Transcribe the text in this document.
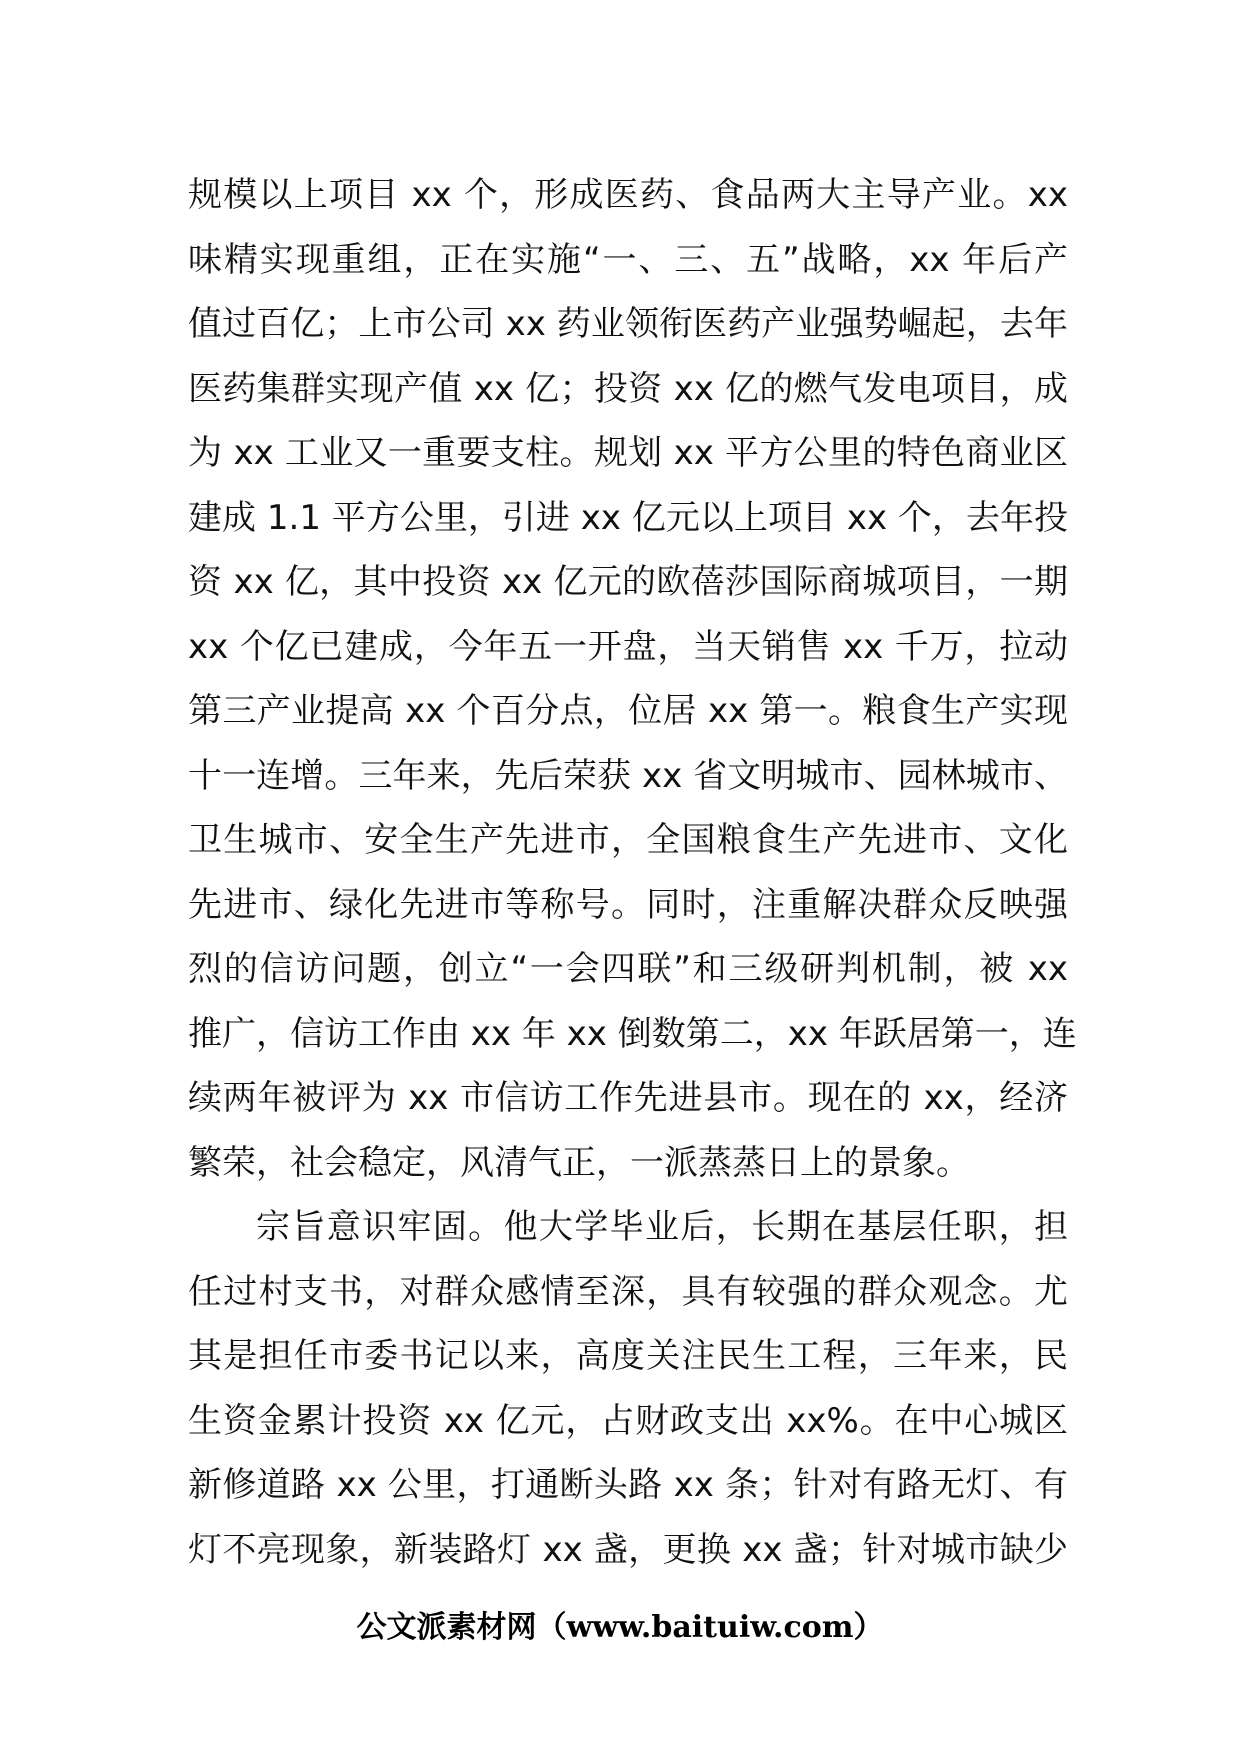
规模以上项目 xx 个，形成医药、食品两大主导产业。xx
味精实现重组，正在实施“一、三、五”战略，xx 年后产
值过百亿；上市公司 xx 药业领衔医药产业强势崛起，去年
医药集群实现产值 xx 亿；投资 xx 亿的燃气发电项目，成
为 xx 工业又一重要支柱。规划 xx 平方公里的特色商业区
建成 1.1 平方公里，引进 xx 亿元以上项目 xx 个，去年投
资 xx 亿，其中投资 xx 亿元的欧蓓莎国际商城项目，一期
xx 个亿已建成，今年五一开盘，当天销售 xx 千万，拉动
第三产业提高 xx 个百分点，位居 xx 第一。粮食生产实现
十一连增。三年来，先后荣获 xx 省文明城市、园林城市、
卫生城市、安全生产先进市，全国粮食生产先进市、文化
先进市、绿化先进市等称号。同时，注重解决群众反映强
烈的信访问题，创立“一会四联”和三级研判机制，被 xx
推广，信访工作由 xx 年 xx 倒数第二，xx 年跃居第一，连
续两年被评为 xx 市信访工作先进县市。现在的 xx，经济
繁荣，社会稳定，风清气正，一派蒸蒸日上的景象。
宗旨意识牢固。他大学毕业后，长期在基层任职，担
任过村支书，对群众感情至深，具有较强的群众观念。尤
其是担任市委书记以来，高度关注民生工程，三年来，民
生资金累计投资 xx 亿元，占财政支出 xx%。在中心城区
新修道路 xx 公里，打通断头路 xx 条；针对有路无灯、有
灯不亮现象，新装路灯 xx 盏，更换 xx 盏；针对城市缺少
公文派素材网（www.baituiw.com）
